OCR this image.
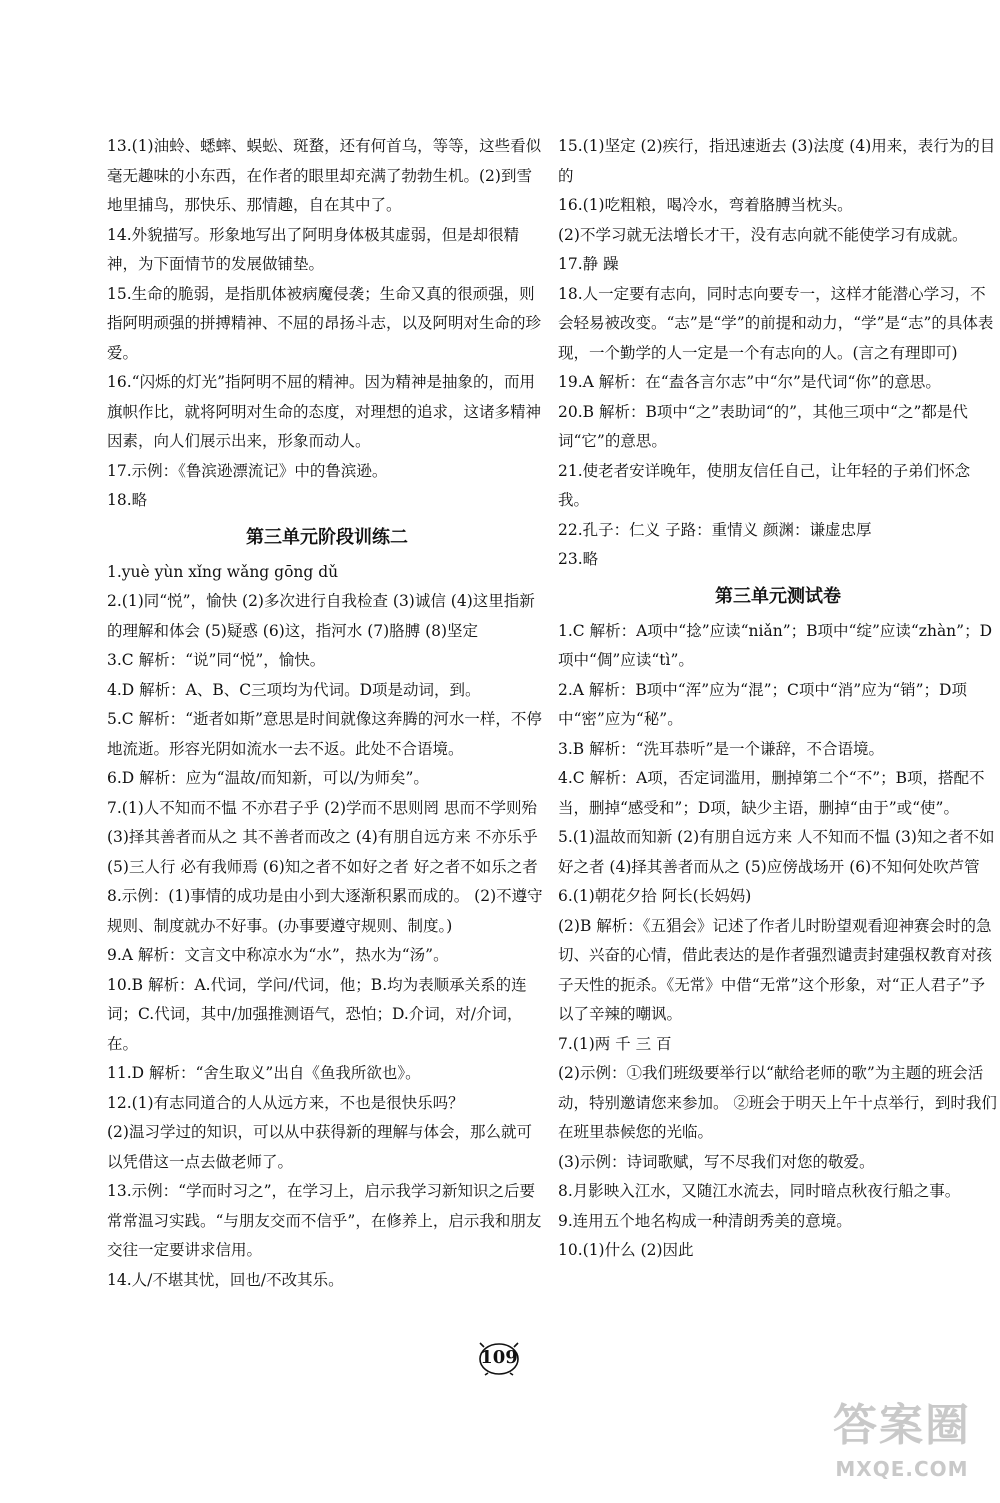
13.(1)油蛉、蟋蟀、蜈蚣、斑蝥，还有何首乌，等等，这些看似毫无趣味的小东西，在作者的眼里却充满了勃勃生机。(2)到雪地里捕鸟，那快乐、那情趣，自在其中了。

14.外貌描写。形象地写出了阿明身体极其虚弱，但是却很精神，为下面情节的发展做铺垫。

15.生命的脆弱，是指肌体被病魔侵袭；生命又真的很顽强，则指阿明顽强的拼搏精神、不屈的昂扬斗志，以及阿明对生命的珍爱。

16.“闪烁的灯光”指阿明不屈的精神。因为精神是抽象的，而用旗帜作比，就将阿明对生命的态度，对理想的追求，这诸多精神因素，向人们展示出来，形象而动人。

17.示例：《鲁滨逊漂流记》中的鲁滨逊。

18.略

第三单元阶段训练二

1.yuè yùn xǐng wǎng gōng dǔ

2.(1)同“悦”，愉快 (2)多次进行自我检查 (3)诚信 (4)这里指新的理解和体会 (5)疑惑 (6)这，指河水 (7)胳膊 (8)坚定

3.C 解析：“说”同“悦”，愉快。

4.D 解析：A、B、C三项均为代词。D项是动词，到。

5.C 解析：“逝者如斯”意思是时间就像这奔腾的河水一样，不停地流逝。形容光阴如流水一去不返。此处不合语境。

6.D 解析：应为“温故/而知新，可以/为师矣”。

7.(1)人不知而不愠 不亦君子乎 (2)学而不思则罔 思而不学则殆 (3)择其善者而从之 其不善者而改之 (4)有朋自远方来 不亦乐乎 (5)三人行 必有我师焉 (6)知之者不如好之者 好之者不如乐之者

8.示例：(1)事情的成功是由小到大逐渐积累而成的。 (2)不遵守规则、制度就办不好事。(办事要遵守规则、制度。)

9.A 解析：文言文中称凉水为“水”，热水为“汤”。

10.B 解析：A.代词，学问/代词，他；B.均为表顺承关系的连词；C.代词，其中/加强推测语气，恐怕；D.介词，对/介词，在。

11.D 解析：“舍生取义”出自《鱼我所欲也》。

12.(1)有志同道合的人从远方来，不也是很快乐吗？

(2)温习学过的知识，可以从中获得新的理解与体会，那么就可以凭借这一点去做老师了。

13.示例：“学而时习之”，在学习上，启示我学习新知识之后要常常温习实践。“与朋友交而不信乎”，在修养上，启示我和朋友交往一定要讲求信用。

14.人/不堪其忧，回也/不改其乐。

15.(1)坚定 (2)疾行，指迅速逝去 (3)法度 (4)用来，表行为的目的

16.(1)吃粗粮，喝冷水，弯着胳膊当枕头。

(2)不学习就无法增长才干，没有志向就不能使学习有成就。

17.静 躁

18.人一定要有志向，同时志向要专一，这样才能潜心学习，不会轻易被改变。“志”是“学”的前提和动力，“学”是“志”的具体表现，一个勤学的人一定是一个有志向的人。(言之有理即可)

19.A 解析：在“盍各言尔志”中“尔”是代词“你”的意思。

20.B 解析：B项中“之”表助词“的”，其他三项中“之”都是代词“它”的意思。

21.使老者安详晚年，使朋友信任自己，让年轻的子弟们怀念我。

22.孔子：仁义 子路：重情义 颜渊：谦虚忠厚

23.略

第三单元测试卷

1.C 解析：A项中“捻”应读“niǎn”；B项中“绽”应读“zhàn”；D项中“倜”应读“tì”。

2.A 解析：B项中“浑”应为“混”；C项中“消”应为“销”；D项中“密”应为“秘”。

3.B 解析：“洗耳恭听”是一个谦辞，不合语境。

4.C 解析：A项，否定词滥用，删掉第二个“不”；B项，搭配不当，删掉“感受和”；D项，缺少主语，删掉“由于”或“使”。

5.(1)温故而知新 (2)有朋自远方来 人不知而不愠 (3)知之者不如好之者 (4)择其善者而从之 (5)应傍战场开 (6)不知何处吹芦管

6.(1)朝花夕拾 阿长(长妈妈)

(2)B 解析：《五猖会》记述了作者儿时盼望观看迎神赛会时的急切、兴奋的心情，借此表达的是作者强烈谴责封建强权教育对孩子天性的扼杀。《无常》中借“无常”这个形象，对“正人君子”予以了辛辣的嘲讽。

7.(1)两 千 三 百

(2)示例：①我们班级要举行以“献给老师的歌”为主题的班会活动，特别邀请您来参加。 ②班会于明天上午十点举行，到时我们在班里恭候您的光临。

(3)示例：诗词歌赋，写不尽我们对您的敬爱。

8.月影映入江水，又随江水流去，同时暗点秋夜行船之事。

9.连用五个地名构成一种清朗秀美的意境。

10.(1)什么 (2)因此

109
答案圈
MXQE.COM
